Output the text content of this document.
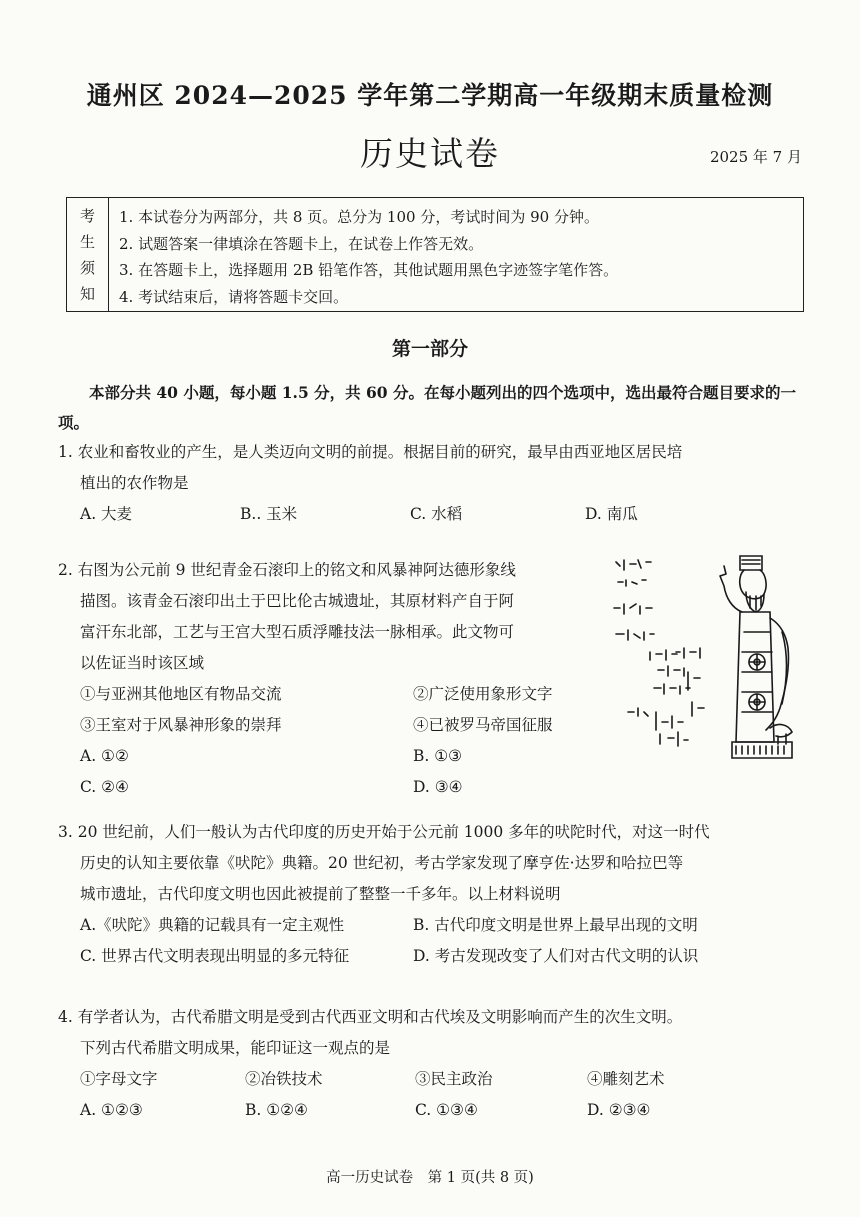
通州区 2024—2025 学年第二学期高一年级期末质量检测
历史试卷	2025 年 7 月
考
生
须
知
1. 本试卷分为两部分，共 8 页。总分为 100 分，考试时间为 90 分钟。
2. 试题答案一律填涂在答题卡上，在试卷上作答无效。
3. 在答题卡上，选择题用 2B 铅笔作答，其他试题用黑色字迹签字笔作答。
4. 考试结束后，请将答题卡交回。
第一部分
本部分共 40 小题，每小题 1.5 分，共 60 分。在每小题列出的四个选项中，选出最符合题目要求的一项。
1. 农业和畜牧业的产生，是人类迈向文明的前提。根据目前的研究，最早由西亚地区居民培
植出的农作物是
A. 大麦	B.. 玉米	C. 水稻	D. 南瓜
2. 右图为公元前 9 世纪青金石滚印上的铭文和风暴神阿达德形象线
描图。该青金石滚印出土于巴比伦古城遗址，其原材料产自于阿
富汗东北部，工艺与王宫大型石质浮雕技法一脉相承。此文物可
以佐证当时该区域
①与亚洲其他地区有物品交流	②广泛使用象形文字
③王室对于风暴神形象的崇拜	④已被罗马帝国征服
A. ①②	B. ①③
C. ②④	D. ③④
3. 20 世纪前，人们一般认为古代印度的历史开始于公元前 1000 多年的吠陀时代，对这一时代
历史的认知主要依靠《吠陀》典籍。20 世纪初，考古学家发现了摩亨佐·达罗和哈拉巴等
城市遗址，古代印度文明也因此被提前了整整一千多年。以上材料说明
A.《吠陀》典籍的记载具有一定主观性	B. 古代印度文明是世界上最早出现的文明
C. 世界古代文明表现出明显的多元特征	D. 考古发现改变了人们对古代文明的认识
4. 有学者认为，古代希腊文明是受到古代西亚文明和古代埃及文明影响而产生的次生文明。
下列古代希腊文明成果，能印证这一观点的是
①字母文字	②冶铁技术	③民主政治	④雕刻艺术
A. ①②③	B. ①②④	C. ①③④	D. ②③④
高一历史试卷　第 1 页(共 8 页)
